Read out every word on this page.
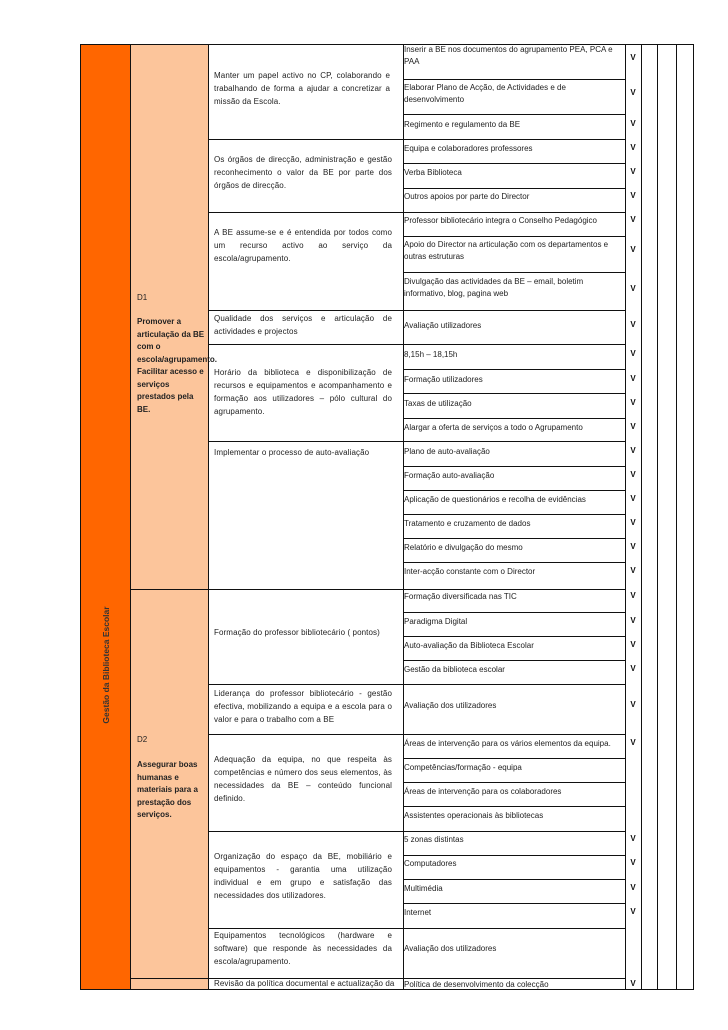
Gestão da Biblioteca Escolar
D1
Promover a articulação da BE com o escola/agrupamento. Facilitar acesso e serviços prestados pela BE.
D2
Assegurar boas humanas e materiais para a prestação dos serviços.
Manter um papel activo no CP, colaborando e trabalhando de forma a ajudar a concretizar a missão da Escola.
Os órgãos de direcção, administração e gestão reconhecimento o valor da BE por parte dos órgãos de direcção.
A BE assume-se e é entendida por todos como um recurso activo ao serviço da escola/agrupamento.
Qualidade dos serviços e articulação de actividades e projectos
Horário da biblioteca e disponibilização de recursos e equipamentos e acompanhamento e formação aos utilizadores – pólo cultural do agrupamento.
Implementar o processo de auto-avaliação
Formação do professor bibliotecário ( pontos)
Liderança do professor bibliotecário - gestão efectiva, mobilizando a equipa e a escola para o valor e para o trabalho com a BE
Adequação da equipa, no que respeita às competências e número dos seus elementos, às necessidades da BE – conteúdo funcional definido.
Organização do espaço da BE, mobiliário e equipamentos - garantia uma utilização individual e em grupo e satisfação das necessidades dos utilizadores.
Equipamentos tecnológicos (hardware e software) que responde às necessidades da escola/agrupamento.
Revisão da política documental e actualização da
Inserir a BE nos documentos do agrupamento PEA, PCA e PAA
Elaborar Plano de Acção, de Actividades e de desenvolvimento
Regimento e regulamento da BE
Equipa e colaboradores professores
Verba Biblioteca
Outros apoios por parte do Director
Professor bibliotecário integra o Conselho Pedagógico
Apoio do Director na articulação com os departamentos e outras estruturas
Divulgação das actividades da BE – email, boletim informativo, blog, pagina web
Avaliação utilizadores
8,15h – 18,15h
Formação utilizadores
Taxas de utilização
Alargar a oferta de serviços a todo o Agrupamento
Plano de auto-avaliação
Formação auto-avaliação
Aplicação de questionários e recolha de evidências
Tratamento e cruzamento de dados
Relatório e divulgação do mesmo
Inter-acção constante com o Director
Formação diversificada nas TIC
Paradigma Digital
Auto-avaliação da Biblioteca Escolar
Gestão da biblioteca escolar
Avaliação dos utilizadores
Áreas de intervenção para os vários elementos da equipa.
Competências/formação - equipa
Áreas de intervenção para os colaboradores
Assistentes operacionais às bibliotecas
5 zonas distintas
Computadores
Multimédia
Internet
Avaliação dos utilizadores
Política de desenvolvimento da colecção
V
V
V
V
V
V
V
V
V
V
V
V
V
V
V
V
V
V
V
V
V
V
V
V
V
V
V
V
V
V
V
